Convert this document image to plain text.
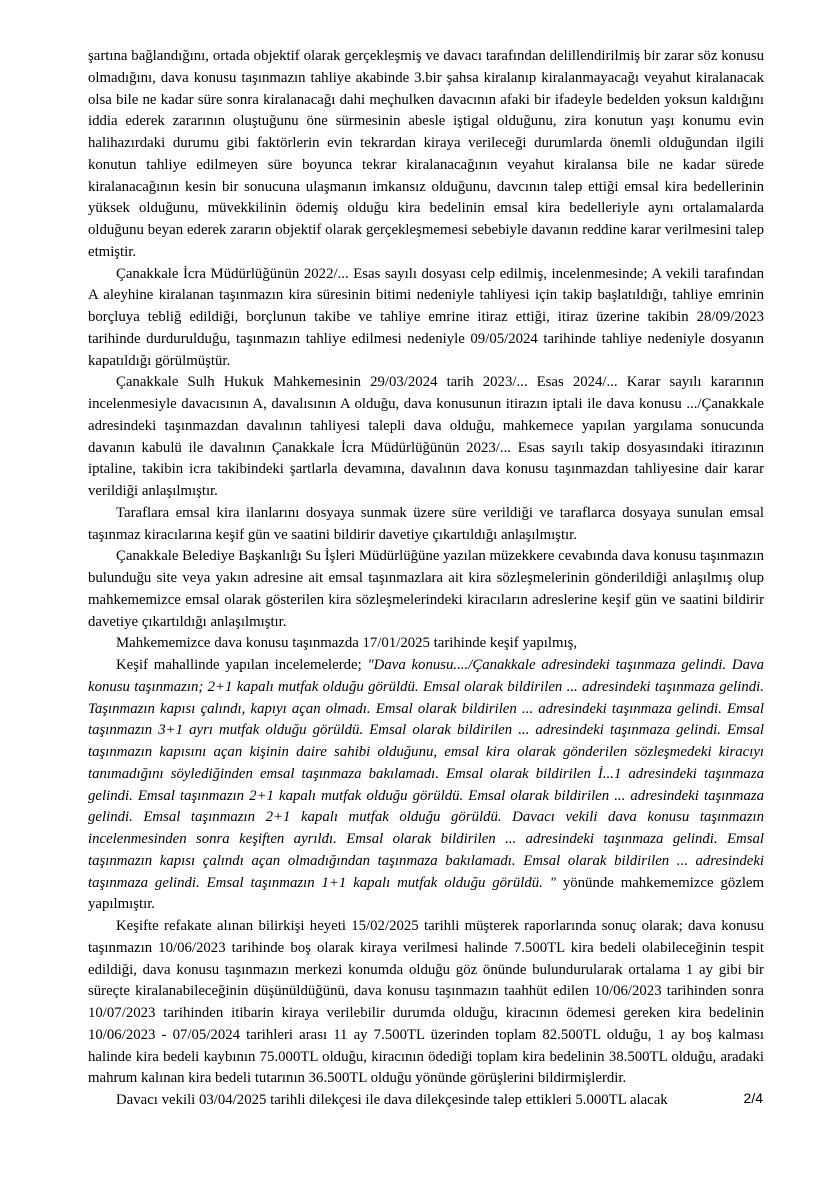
şartına bağlandığını, ortada objektif olarak gerçekleşmiş ve davacı tarafından delillendirilmiş bir zarar söz konusu olmadığını, dava konusu taşınmazın tahliye akabinde 3.bir şahsa kiralanıp kiralanmayacağı veyahut kiralanacak olsa bile ne kadar süre sonra kiralanacağı dahi meçhulken davacının afaki bir ifadeyle bedelden yoksun kaldığını iddia ederek zararının oluştuğunu öne sürmesinin abesle iştigal olduğunu, zira konutun yaşı konumu evin halihazırdaki durumu gibi faktörlerin evin tekrardan kiraya verileceği durumlarda önemli olduğundan ilgili konutun tahliye edilmeyen süre boyunca tekrar kiralanacağının veyahut kiralansa bile ne kadar sürede kiralanacağının kesin bir sonucuna ulaşmanın imkansız olduğunu, davcının talep ettiği emsal kira bedellerinin yüksek olduğunu, müvekkilinin ödemiş olduğu kira bedelinin emsal kira bedelleriyle aynı ortalamalarda olduğunu beyan ederek zararın objektif olarak gerçekleşmemesi sebebiyle davanın reddine karar verilmesini talep etmiştir.

Çanakkale İcra Müdürlüğünün 2022/... Esas sayılı dosyası celp edilmiş, incelenmesinde; A vekili tarafından A aleyhine kiralanan taşınmazın kira süresinin bitimi nedeniyle tahliyesi için takip başlatıldığı, tahliye emrinin borçluya tebliğ edildiği, borçlunun takibe ve tahliye emrine itiraz ettiği, itiraz üzerine takibin 28/09/2023 tarihinde durdurulduğu, taşınmazın tahliye edilmesi nedeniyle 09/05/2024 tarihinde tahliye nedeniyle dosyanın kapatıldığı görülmüştür.

Çanakkale Sulh Hukuk Mahkemesinin 29/03/2024 tarih 2023/... Esas 2024/... Karar sayılı kararının incelenmesiyle davacısının A, davalısının A olduğu, dava konusunun itirazın iptali ile dava konusu .../Çanakkale adresindeki taşınmazdan davalının tahliyesi talepli dava olduğu, mahkemece yapılan yargılama sonucunda davanın kabulü ile davalının Çanakkale İcra Müdürlüğünün 2023/... Esas sayılı takip dosyasındaki itirazının iptaline, takibin icra takibindeki şartlarla devamına, davalının dava konusu taşınmazdan tahliyesine dair karar verildiği anlaşılmıştır.

Taraflara emsal kira ilanlarını dosyaya sunmak üzere süre verildiği ve taraflarca dosyaya sunulan emsal taşınmaz kiracılarına keşif gün ve saatini bildirir davetiye çıkartıldığı anlaşılmıştır.

Çanakkale Belediye Başkanlığı Su İşleri Müdürlüğüne yazılan müzekkere cevabında dava konusu taşınmazın bulunduğu site veya yakın adresine ait emsal taşınmazlara ait kira sözleşmelerinin gönderildiği anlaşılmış olup mahkememizce emsal olarak gösterilen kira sözleşmelerindeki kiracıların adreslerine keşif gün ve saatini bildirir davetiye çıkartıldığı anlaşılmıştır.

Mahkememizce dava konusu taşınmazda 17/01/2025 tarihinde keşif yapılmış,

Keşif mahallinde yapılan incelemelerde; "Dava konusu..../Çanakkale adresindeki taşınmaza gelindi. Dava konusu taşınmazın; 2+1 kapalı mutfak olduğu görüldü. Emsal olarak bildirilen ... adresindeki taşınmaza gelindi. Taşınmazın kapısı çalındı, kapıyı açan olmadı. Emsal olarak bildirilen ... adresindeki taşınmaza gelindi. Emsal taşınmazın 3+1 ayrı mutfak olduğu görüldü. Emsal olarak bildirilen ... adresindeki taşınmaza gelindi. Emsal taşınmazın kapısını açan kişinin daire sahibi olduğunu, emsal kira olarak gönderilen sözleşmedeki kiracıyı tanımadığını söylediğinden emsal taşınmaza bakılamadı. Emsal olarak bildirilen İ...1 adresindeki taşınmaza gelindi. Emsal taşınmazın 2+1 kapalı mutfak olduğu görüldü. Emsal olarak bildirilen ... adresindeki taşınmaza gelindi. Emsal taşınmazın 2+1 kapalı mutfak olduğu görüldü. Davacı vekili dava konusu taşınmazın incelenmesinden sonra keşiften ayrıldı. Emsal olarak bildirilen ... adresindeki taşınmaza gelindi. Emsal taşınmazın kapısı çalındı açan olmadığından taşınmaza bakılamadı. Emsal olarak bildirilen ... adresindeki taşınmaza gelindi. Emsal taşınmazın 1+1 kapalı mutfak olduğu görüldü. " yönünde mahkememizce gözlem yapılmıştır.

Keşifte refakate alınan bilirkişi heyeti 15/02/2025 tarihli müşterek raporlarında sonuç olarak; dava konusu taşınmazın 10/06/2023 tarihinde boş olarak kiraya verilmesi halinde 7.500TL kira bedeli olabileceğinin tespit edildiği, dava konusu taşınmazın merkezi konumda olduğu göz önünde bulundurularak ortalama 1 ay gibi bir süreçte kiralanabileceğinin düşünüldüğünü, dava konusu taşınmazın taahhüt edilen 10/06/2023 tarihinden sonra 10/07/2023 tarihinden itibarin kiraya verilebilir durumda olduğu, kiracının ödemesi gereken kira bedelinin 10/06/2023 - 07/05/2024 tarihleri arası 11 ay 7.500TL üzerinden toplam 82.500TL olduğu, 1 ay boş kalması halinde kira bedeli kaybının 75.000TL olduğu, kiracının ödediği toplam kira bedelinin 38.500TL olduğu, aradaki mahrum kalınan kira bedeli tutarının 36.500TL olduğu yönünde görüşlerini bildirmişlerdir.

Davacı vekili 03/04/2025 tarihli dilekçesi ile dava dilekçesinde talep ettikleri 5.000TL alacak	2/4
